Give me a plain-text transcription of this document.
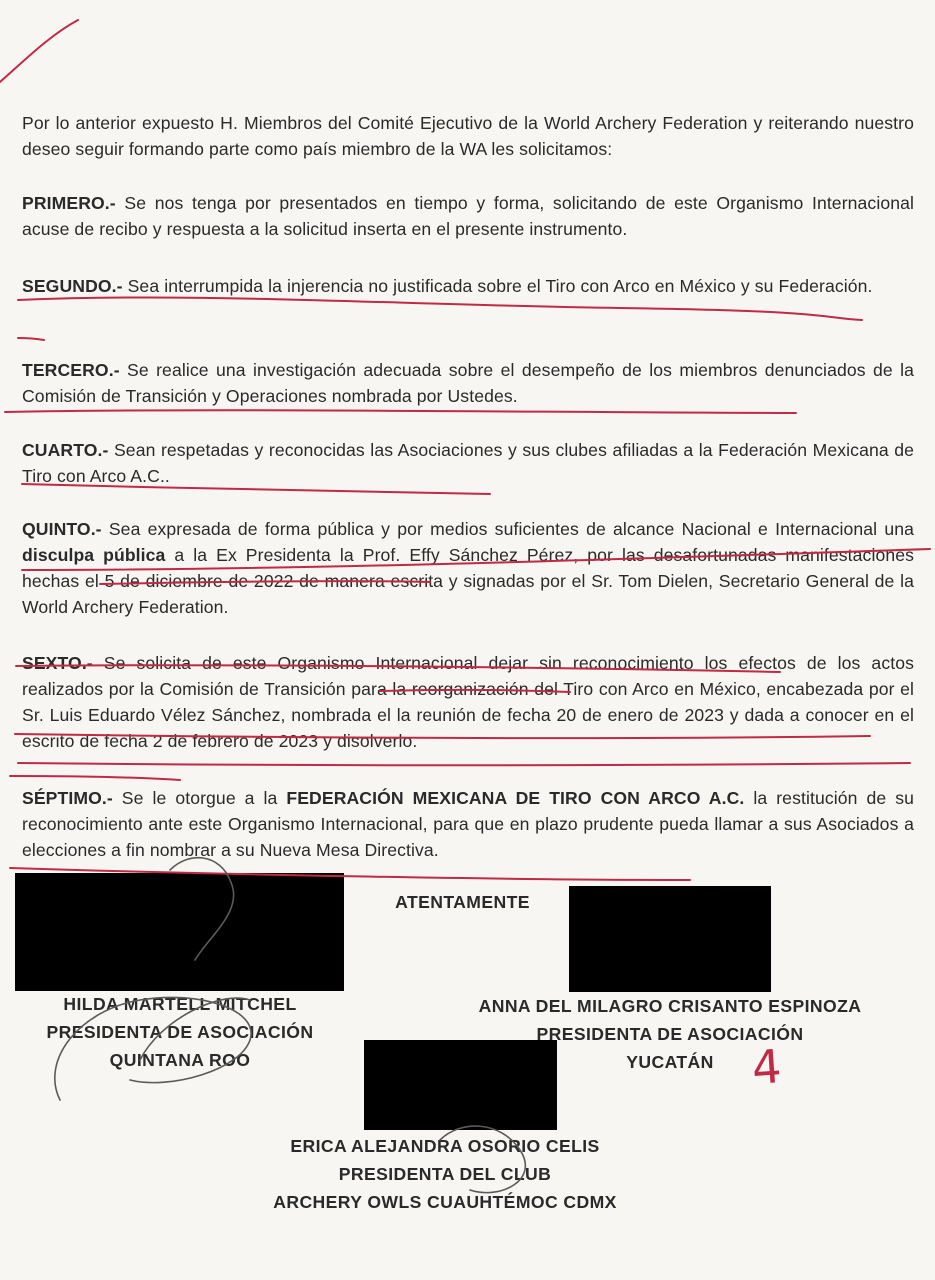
Por lo anterior expuesto H. Miembros del Comité Ejecutivo de la World Archery Federation y reiterando nuestro deseo seguir formando parte como país miembro de la WA les solicitamos:

PRIMERO.- Se nos tenga por presentados en tiempo y forma, solicitando de este Organismo Internacional acuse de recibo y respuesta a la solicitud inserta en el presente instrumento.

SEGUNDO.- Sea interrumpida la injerencia no justificada sobre el Tiro con Arco en México y su Federación.

TERCERO.- Se realice una investigación adecuada sobre el desempeño de los miembros denunciados de la Comisión de Transición y Operaciones nombrada por Ustedes.

CUARTO.- Sean respetadas y reconocidas las Asociaciones y sus clubes afiliadas a la Federación Mexicana de Tiro con Arco A.C..

QUINTO.- Sea expresada de forma pública y por medios suficientes de alcance Nacional e Internacional una disculpa pública a la Ex Presidenta la Prof. Effy Sánchez Pérez, por las desafortunadas manifestaciones hechas el 5 de diciembre de 2022 de manera escrita y signadas por el Sr. Tom Dielen, Secretario General de la World Archery Federation.

SEXTO.- Se solicita de este Organismo Internacional dejar sin reconocimiento los efectos de los actos realizados por la Comisión de Transición para la reorganización del Tiro con Arco en México, encabezada por el Sr. Luis Eduardo Vélez Sánchez, nombrada el la reunión de fecha 20 de enero de 2023 y dada a conocer en el escrito de fecha 2 de febrero de 2023 y disolverlo.

SÉPTIMO.- Se le otorgue a la FEDERACIÓN MEXICANA DE TIRO CON ARCO A.C. la restitución de su reconocimiento ante este Organismo Internacional, para que en plazo prudente pueda llamar a sus Asociados a elecciones a fin nombrar a su Nueva Mesa Directiva.

ATENTAMENTE
HILDA MARTELL MITCHEL
PRESIDENTA DE ASOCIACIÓN
QUINTANA ROO
ANNA DEL MILAGRO CRISANTO ESPINOZA
PRESIDENTA DE ASOCIACIÓN
YUCATÁN
ERICA ALEJANDRA OSORIO CELIS
PRESIDENTA DEL CLUB
ARCHERY OWLS CUAUHTÉMOC CDMX
4
